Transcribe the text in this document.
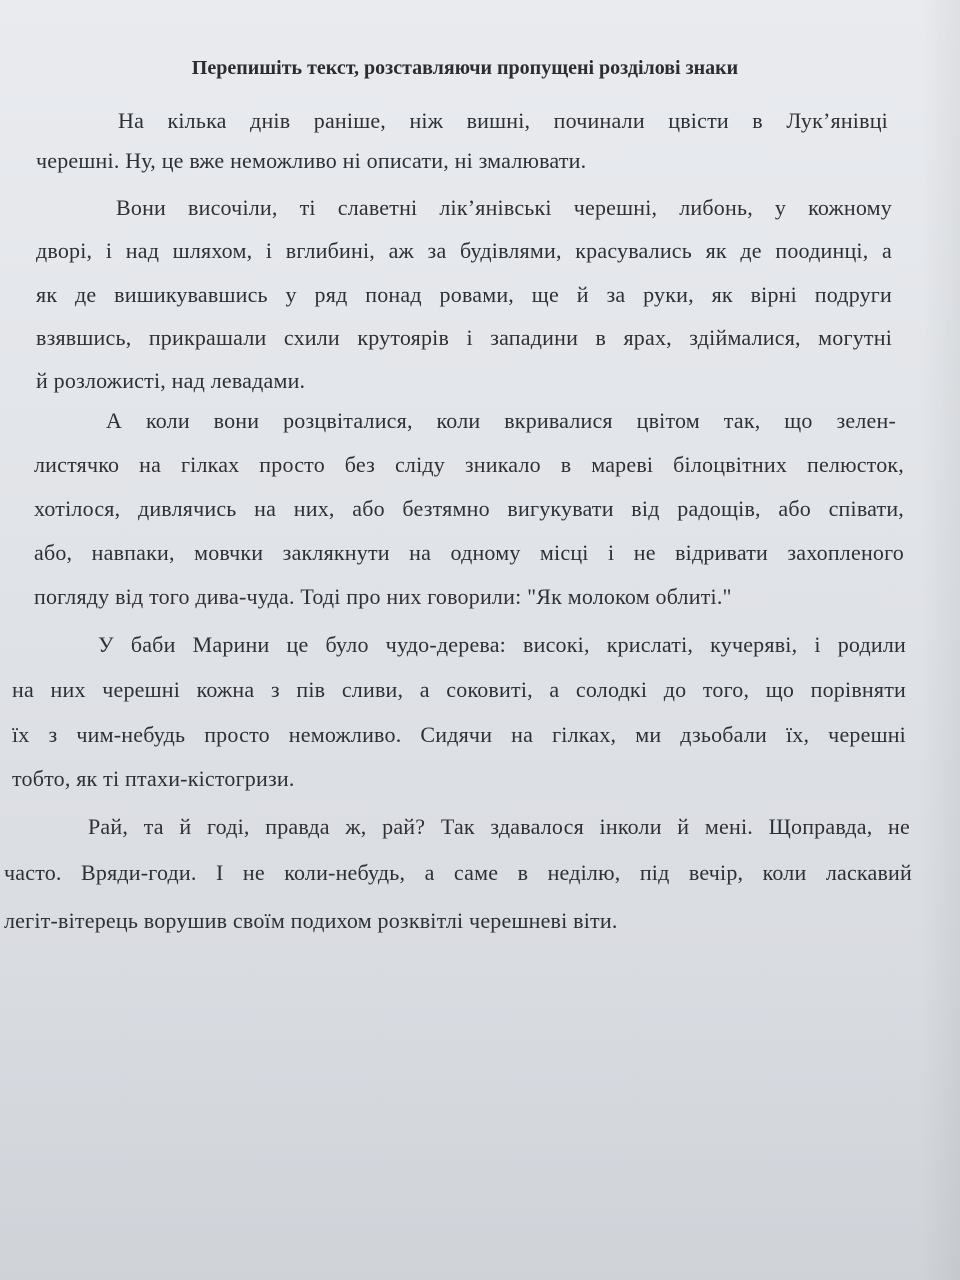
Перепишіть текст, розставляючи пропущені розділові знаки
На кілька днів раніше, ніж вишні, починали цвісти в Лук’янівці
черешні. Ну, це вже неможливо ні описати, ні змалювати.
Вони височіли, ті славетні лік’янівські черешні, либонь, у кожному
дворі, і над шляхом, і вглибині, аж за будівлями, красувались як де поодинці, а
як де вишикувавшись у ряд понад ровами, ще й за руки, як вірні подруги
взявшись, прикрашали схили крутоярів і западини в ярах, здіймалися, могутні
й розложисті, над левадами.
А коли вони розцвіталися, коли вкривалися цвітом так, що зелен-
листячко на гілках просто без сліду зникало в мареві білоцвітних пелюсток,
хотілося, дивлячись на них, або безтямно вигукувати від радощів, або співати,
або, навпаки, мовчки заклякнути на одному місці і не відривати захопленого
погляду від того дива-чуда. Тоді про них говорили: "Як молоком облиті."
У баби Марини це було чудо-дерева: високі, крислаті, кучеряві, і родили
на них черешні кожна з пів сливи, а соковиті, а солодкі до того, що порівняти
їх з чим-небудь просто неможливо. Сидячи на гілках, ми дзьобали їх, черешні
тобто, як ті птахи-кістогризи.
Рай, та й годі, правда ж, рай? Так здавалося інколи й мені. Щоправда, не
часто. Вряди-годи. І не коли-небудь, а саме в неділю, під вечір, коли ласкавий
легіт-вітерець ворушив своїм подихом розквітлі черешневі віти.
